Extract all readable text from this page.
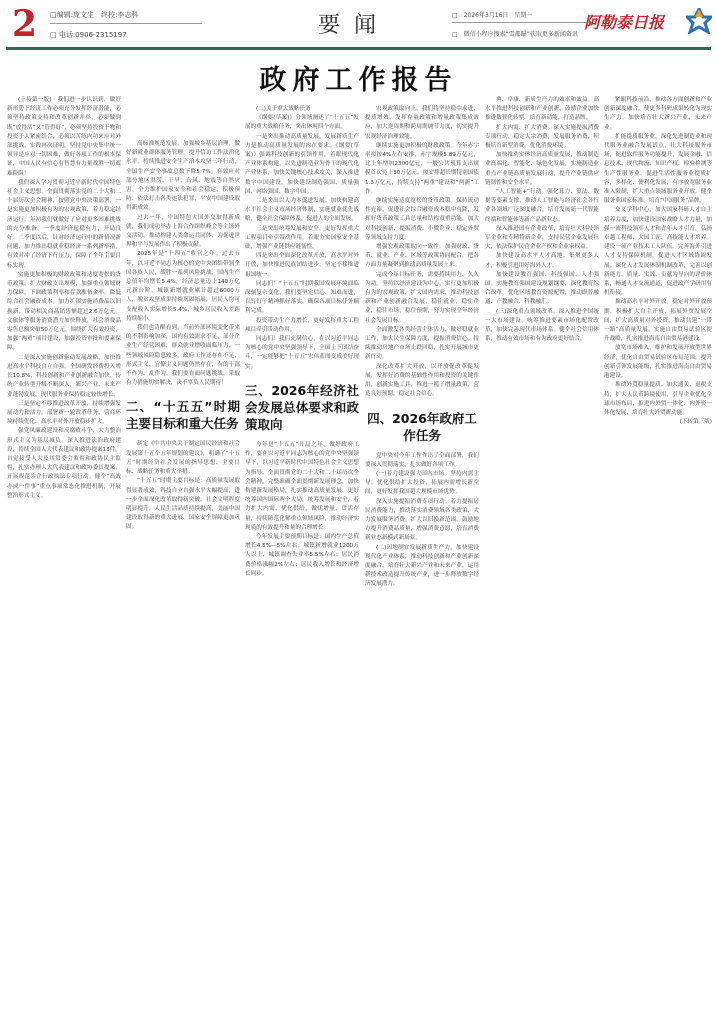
2 □编辑:庞文生　终校:李志科
□ 电话:0906-2315197	要闻	□　2026年3月16日　星期一
□　微信小程序搜索“雪都瞄”获取更多新闻资讯
阿勒泰日报
政府工作报告

(上接第一版)　我们进一步认识到，做好新形势下经济工作必须充分发挥经济潜能，必须坚持政策支持和改革创新并举，必须做到既“放得活”又“管得好”，必须坚持投资于物和投资于人紧密结合，必须以苦练内功来应对外部挑战。实践再次证明，坚持党中央集中统一领导是应对一切困难，做好各项工作的根本保证，中国人民有信心有智慧有力量战胜一切艰难险阻！

我们深入学习贯彻习近平新时代中国特色社会主义思想，全面贯彻落实党的二十大和二十届历次全会精神，按照党中央决策部署，一是实施更加积极有为的宏观政策，着力稳定经济运行。年初我们就做好了应对更多困难挑战的充分准备，一季度经济起稳有力，开局良好。二季度以后，针对经济运行中的新情况新问题，加力推出稳就业稳经济一系列新举措，有效对冲了经济下行压力，保障了全年主要目标实现。

实施更加积极的财政政策和适度宽松的货币政策，扩大财政支出规模，加强重点领域财力保障，下调政策利率和存款准备金率，降低综合社会融资成本。加力扩围实施消费品以旧换新，带动相关商品销售额超过2.6万亿元。文旅体等服务消费潜力加快释放，社会消费品零售总额突破50万亿元。围绕扩大有效投资，加强“两重”项目建设，加强投资审批和要素保障。

二是深入实施创新驱动发展战略，加快推进高水平科技自立自强。全国研发经费投入增长10.8%，科技创新和产业创新融合加快，传统产业转型升级不断深入，新兴产业、未来产业蓬勃发展，现代服务业保持稳定较快增长。

三是坚定不移推进改革开放，持续增强发展动力和活力。部署新一轮改革任务，营商环境持续优化，高水平对外开放稳步扩大。

强党风廉政建设和反腐败斗争，大力整治形式主义为基层减负。深入推进法治政府建设，持续全国人大代表建议和政协提案13件。自觉接受人大及其常委会监督和政协民主监督，扎实办理人大代表建议和政协委员提案，开展规范涉企行政执法专项行动。健全“高效办成一件事”重点事项常态化推进机制，开展整治形式主义。

高标准规范发展，加强城乡基层治理，做好新就业群体服务管理。提升信访工作法治化水平。持续推进安全生产治本攻坚三年行动，全国生产安全事故总数下降5.7%。有效应对部分地区洪涝、干旱、台风、地震等自然灾害，全力维护国家安全和社会稳定，积极预防、依法打击各类违法犯罪，平安中国建设取得新成效。

过去一年，中国特色大国外交取得新成就，我们成功举办上海合作组织峰会等主场外交活动，推动构建人类命运共同体，为促进世界和平与发展作出了积极贡献。

2025年是“十四五”收官之年。过去五年，以习近平同志为核心的党中央团结带领全国各族人民，战胜一系列风险挑战，国内生产总值年均增长5.4%，经济总量迈上140万亿元新台阶。城镇新增就业累计超过6000万人，脱贫攻坚成果持续巩固拓展，居民人均可支配收入实际增长5.4%，城乡居民收入差距持续缩小。

我们也清醒看到，当前外部环境变化带来的不利影响加深，国内有效需求不足，部分企业生产经营困难，群众就业增收面临压力，一些领域风险隐患较多。政府工作还存在不足，形式主义、官僚主义问题仍然存在，有的干部不作为、乱作为。我们要直面问题挑战，采取有力措施切实解决，决不辜负人民期待！

二、“十五五”时期主要目标和重大任务

制定《中共中央关于制定国民经济和社会发展第十五个五年规划的建议》，明确了“十五五”时期经济社会发展的指导思想、主要目标、战略任务和重大举措。

“十五五”时期主要目标是：高质量发展取得显著成效，科技自立自强水平大幅提高，进一步全面深化改革取得新突破，社会文明程度明显提升，人民生活品质持续提高，美丽中国建设取得新的重大进展，国家安全屏障更加巩固。

(二)关于重大战略任务

《纲要(草案)》分领域阐述了“十五五”发展的重大战略任务，突出体现四个方面。

一是突出推动高质量发展。发展新质生产力是推动高质量发展的内在要求。《纲要(草案)》强调科技创新的引领作用，着眼现代化产业体系构建，以先进制造业为骨干的现代化产业体系，加快关键核心技术攻关，深入推进数字中国建设，加快建设制造强国、质量强国、网络强国、数字中国。

二是突出以人为本促进发展。加快构建高水平社会主义市场经济体制，实施就业优先战略，健全社会保障体系，促进人的全面发展。

三是突出统筹发展和安全，更好发挥重大工程项目牵引带动作用，着眼夯实国家安全基础，增强产业链供应链韧性。

四是突出全面深化改革开放，高水平对外开放，加快推进民族团结进步，坚定不移推进祖国统一。

同志们！“十五五”时期我国发展环境面临深刻复杂变化，我们要坚定信心、知难而进，以钉钉子精神抓好落实，确保各项目标任务顺利完成。

投资带动生产力增长，更好发挥重大工程项目牵引带动作用。

同志们！我们充满信心，在以习近平同志为核心的党中央坚强领导下，全国上下团结奋斗，一定能够把“十五五”宏伟蓝图变成美好现实。

三、2026年经济社会发展总体要求和政策取向

今年是“十五五”开局之年，做好政府工作，要在以习近平同志为核心的党中央坚强领导下，以习近平新时代中国特色社会主义思想为指导，全面贯彻党的二十大和二十届历次全会精神，完整准确全面贯彻新发展理念，加快构建新发展格局，扎实推动高质量发展，更好统筹国内国际两个大局，统筹发展和安全，着力扩大内需、优化供给，做优增量、盘活存量，持续防范化解重点领域风险，推动经济实现质的有效提升和量的合理增长。

今年发展主要预期目标是：国内生产总值增长4.5%—5%左右；城镇新增就业1200万人以上，城镇调查失业率5.5%左右；居民消费价格涨幅2%左右；居民收入增长和经济增长同步。

宏观政策取向上，我们将坚持稳中求进、提质增效，发挥存量政策和增量政策集成效应，加大逆周期和跨周期调节力度，切实提升宏观经济治理效能。

继续实施更加积极的财政政策。今年赤字率拟按4%左右安排，赤字规模5.89万亿元，比上年增加2300亿元，一般公共预算支出规模首次迈上30万亿元，拟安排超长期特别国债1.3万亿元，持续支持“两重”建设和“两新”工作。

继续实施适度宽松的货币政策。保持流动性充裕，促进社会综合融资成本稳中有降，发挥好货币政策工具总量和结构双重功能，加大对科技创新、提振消费、小微企业、稳定外贸等领域支持力度。

增强宏观政策取向一致性。加强财政、货币、就业、产业、区域等政策协同配合，把各方面力量凝聚到推动高质量发展上来。

完成今年目标任务，需要持续用力、久久为功。坚持以经济建设为中心，实行更加积极有为的宏观政策，扩大国内需求，推动科技创新和产业创新融合发展，稳住就业，稳住企业，稳住市场，稳住预期，努力实现全年经济社会发展目标。

全面激发各类经营主体活力，做好稳就业工作，加大民生保障力度，提振消费信心。持续推动房地产市场止跌回稳，扎实开展城市更新行动。

深化改革扩大开放，以开放促改革促发展，发挥好消费的基础性作用和投资的关键作用，创新实施工具，推进一揽子增量政策，营造良好预期，稳定社会信心。

四、2026年政府工作任务

党中央对今年工作作出了全面部署，我们要深入贯彻落实，扎实做好各项工作。

(一)着力建设强大国内市场。坚持内需主导，优化供给扩大投资，拓展内需增长新空间，更好发挥我国超大规模市场优势。

深入实施提振消费专项行动。着力提振居民消费能力，推动落实消费领域各类政策，大力发展服务消费。扩大以旧换新范围，鼓励地方提升消费品质量，增强消费意愿，培育消费新业态新模式新场景。

(二)因地制宜发展新质生产力。加快建设现代化产业体系，推动科技创新和产业创新深度融合，培育壮大新兴产业和未来产业，运用新技术改造提升传统产业，进一步释放数字经济发展潜力。

典、阜康、新质生产力的效率和效益。高水平推进科技创新和产业创新，鼓励企业加快推进数智化转型，培育新动能，打造品牌。

扩大内需、扩大消费。深入实施提振消费专项行动，稳定大宗消费，发展服务消费，积极培育新型消费，优化消费环境。

加快推动实体经济高质量发展，推动制造业高端化、智能化、绿色化发展，实施制造业重点产业链高质量发展行动，提升产业链供应链韧性和安全水平。

“人工智能+”行动。强化算力、算法、数据等要素支撑，推动人工智能与经济社会各行业各领域广泛深度融合，培育发展新一代智能终端和智能体等新产品新业态。

深入推进国有企业改革，培育壮大科技领军企业和专精特新企业，支持民营企业发展壮大，依法保护民营企业产权和企业家权益。

加快建设高水平人才高地，集聚更多人才，积极引进用好海外人才。

加快建设教育强国、科技强国、人才强国。实施教育强国建设规划纲要，深化教育综合改革，优化区域教育资源配置，推动职普融通、产教融合、科教融汇。

(三)深化重点领域改革。深入推进全国统一大市场建设，统筹推进要素市场化配置改革，加快完善现代市场体系。健全社会信用体系，推动有效市场和有为政府更好结合。

紧跟科技前沿，推动各方面创新和产业创新深度融合，使更多科研成果转化为现实生产力，加快培育壮大新兴产业、未来产业。

扩能提质服务业。深化先进制造业和现代服务业融合发展试点，壮大科技服务市场，促进软件服务功能提升，发展金融、信息技术、现代物流、知识产权、检验检测等生产性服务业。促进生活性服务业提质扩容，多样化、便利化发展，有序放宽服务业准入限制，扩大重点领域服务业开放，健全服务业国家标准，培育“中国服务”品牌。

交叉学科中心，加大国家科研人才自主培养力度，加快建设国家战略人才力量，加强一流科技领军人才和青年人才引育，弘扬卓越工程师、大国工匠、高技能人才培养。建设一流产业技术工人队伍。完善海外引进人才支持保障机制，促进人才区域协调发展。深化人才发展体制机制改革，完善以创新能力、质量、实效、贡献为导向的评价体系，畅通人才交流通道，促进政产学研用有机衔接。

推动高水平对外开放。稳定对外开放预期，积极扩大自主开放，拓展外贸发展空间，扩大高质量对外投资，推动共建“一带一路”高质量发展。实施自由贸易试验区提升战略，扎实推进海南自由贸易港建设。

放宽市场准入，维护和发展开放型世界经济，优化自由贸易试验区布局范围，提升创新引领发展能级，扎实推进海南自由贸易港建设。

推动外贸稳量提质。加大通关、退税支持，扩大人民币跨境使用，引导企业优化全球市场布局，推进内外贸一体化、内外资一体化发展，培育壮大外贸新动能。

(下转第三版)
